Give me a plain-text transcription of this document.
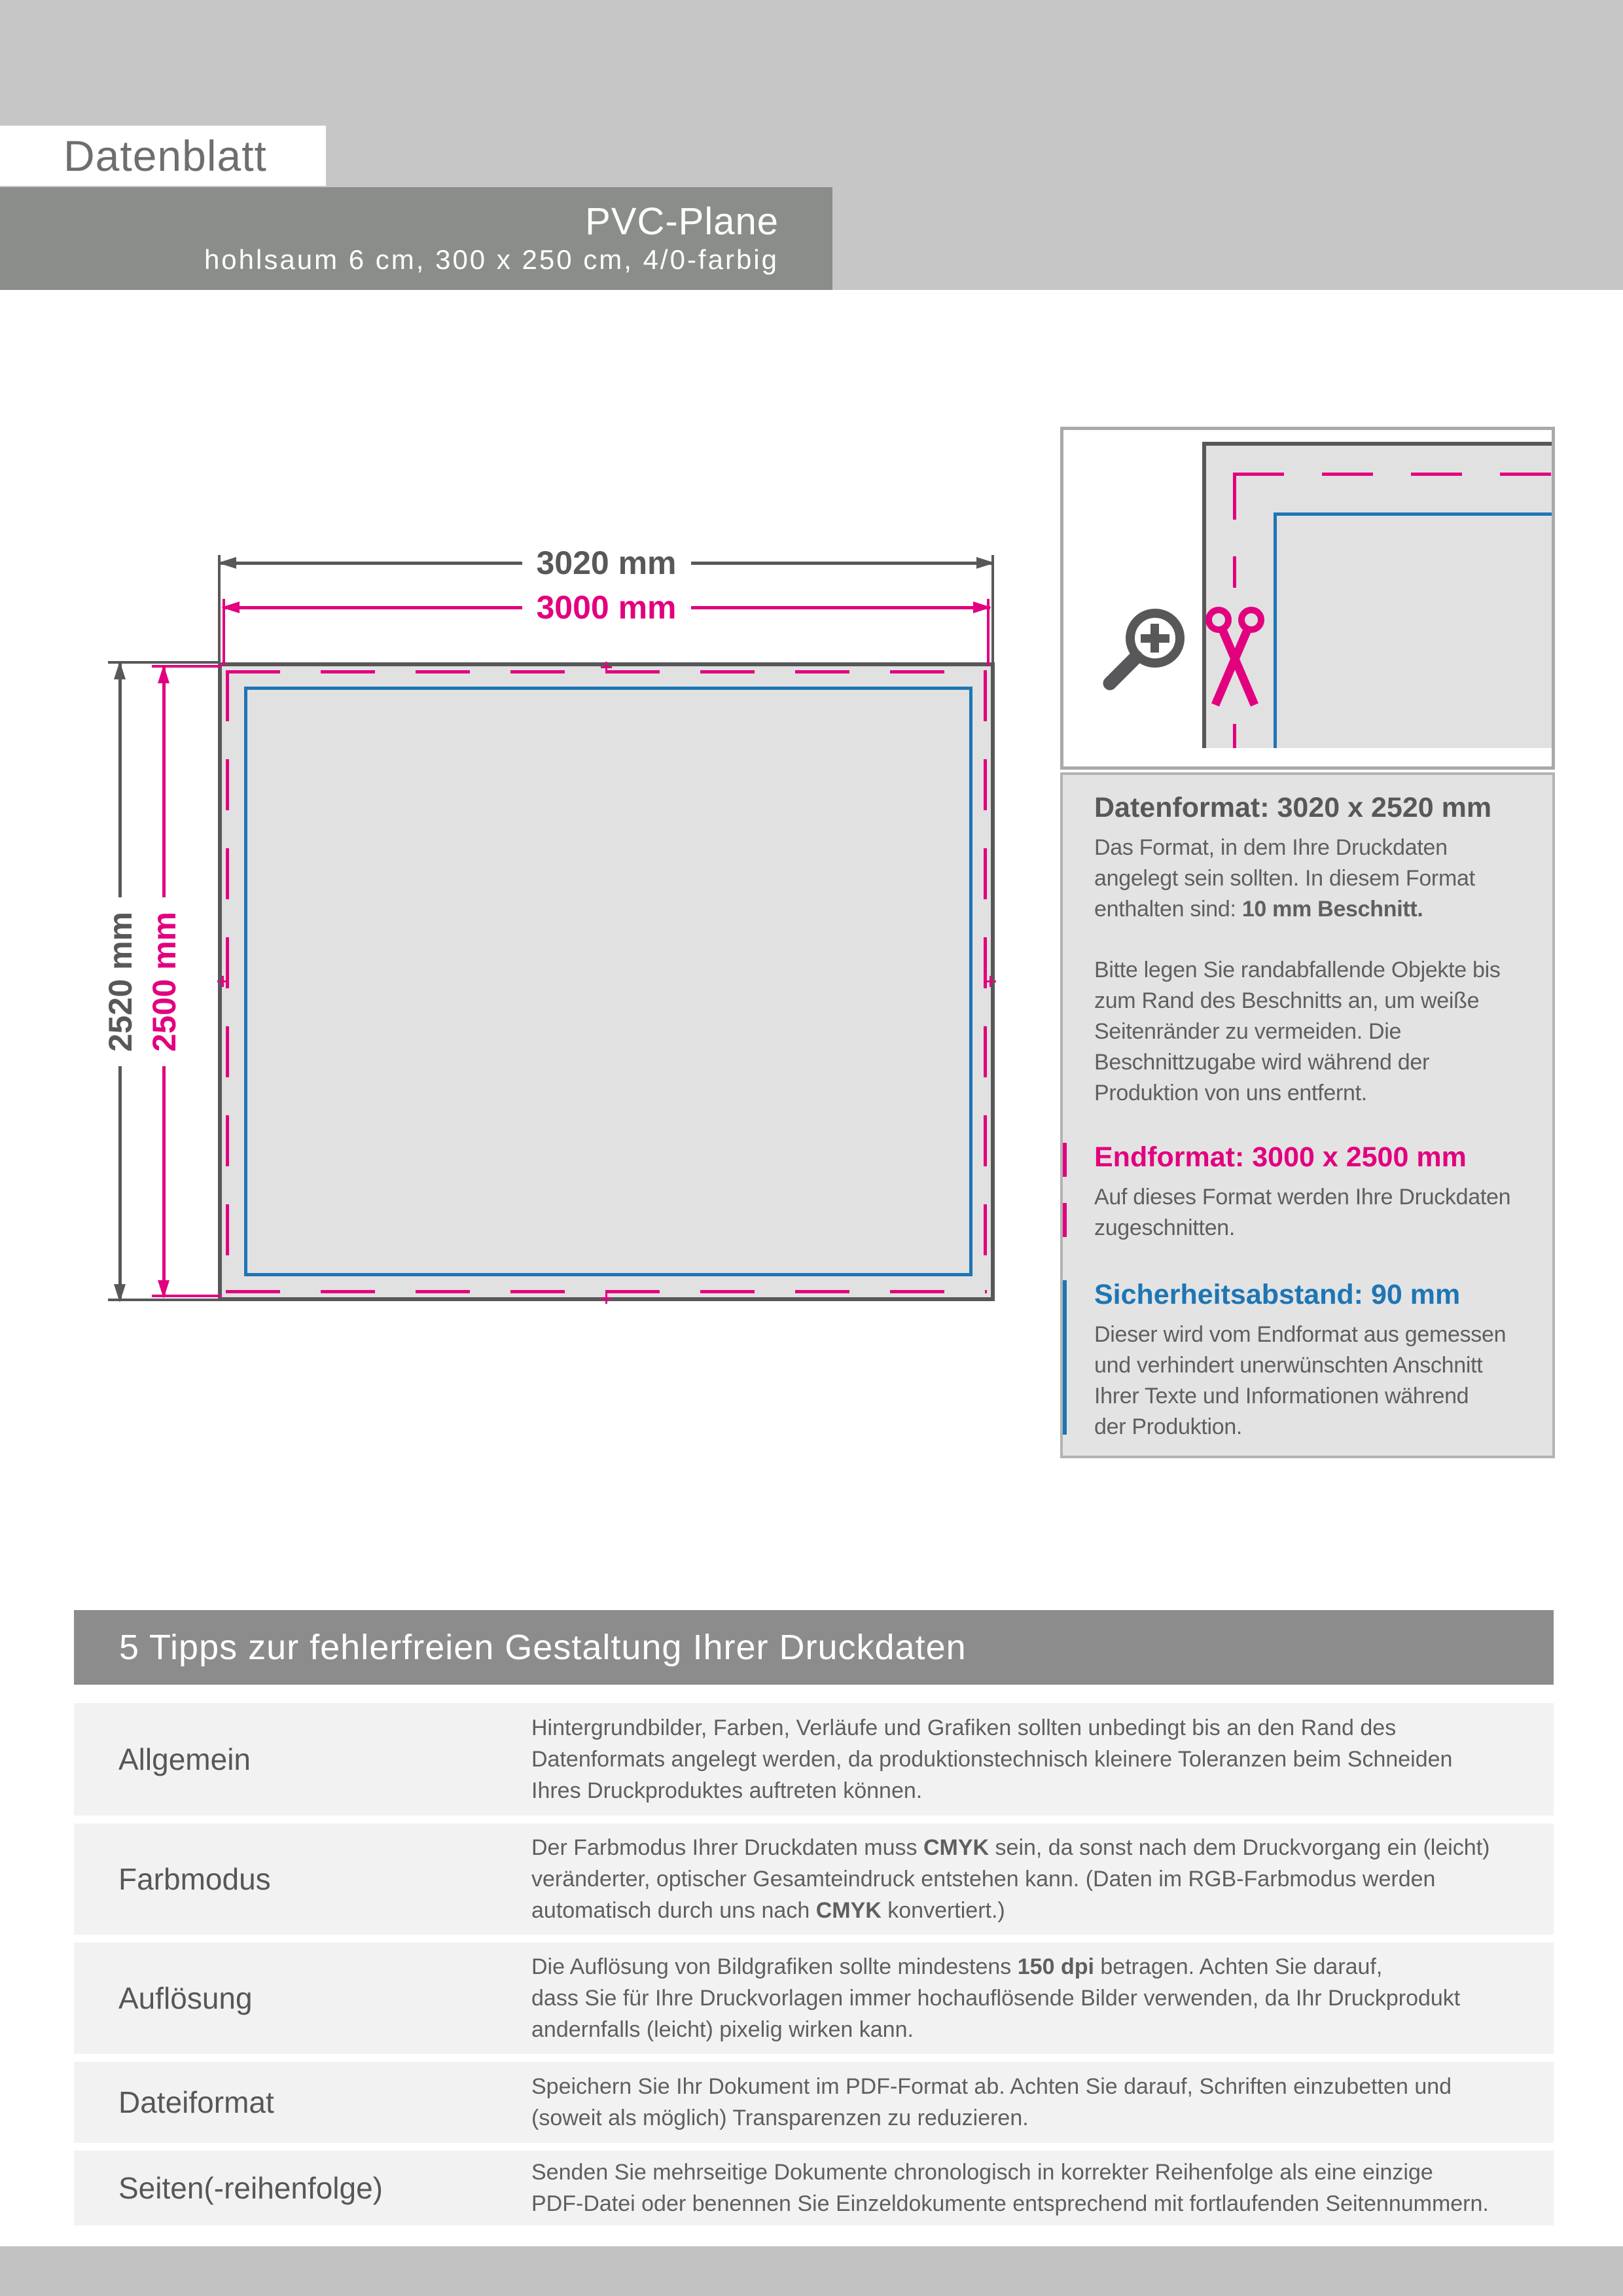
Datenblatt
PVC-Plane
hohlsaum 6 cm, 300 x 250 cm, 4/0-farbig
3020 mm
3000 mm
2520 mm 2500 mm
Datenformat: 3020 x 2520 mm
Das Format, in dem Ihre Druckdaten
angelegt sein sollten. In diesem Format
enthalten sind: 10 mm Beschnitt.
Bitte legen Sie randabfallende Objekte bis
zum Rand des Beschnitts an, um weiße
Seitenränder zu vermeiden. Die
Beschnittzugabe wird während der
Produktion von uns entfernt.
Endformat: 3000 x 2500 mm
Auf dieses Format werden Ihre Druckdaten
zugeschnitten.
Sicherheitsabstand: 90 mm
Dieser wird vom Endformat aus gemessen
und verhindert unerwünschten Anschnitt
Ihrer Texte und Informationen während
der Produktion.
5 Tipps zur fehlerfreien Gestaltung Ihrer Druckdaten
Allgemein
Hintergrundbilder, Farben, Verläufe und Grafiken sollten unbedingt bis an den Rand des
Datenformats angelegt werden, da produktionstechnisch kleinere Toleranzen beim Schneiden
Ihres Druckproduktes auftreten können.
Farbmodus
Der Farbmodus Ihrer Druckdaten muss CMYK sein, da sonst nach dem Druckvorgang ein (leicht)
veränderter, optischer Gesamteindruck entstehen kann. (Daten im RGB-Farbmodus werden
automatisch durch uns nach CMYK konvertiert.)
Auflösung
Die Auflösung von Bildgrafiken sollte mindestens 150 dpi betragen. Achten Sie darauf,
dass Sie für Ihre Druckvorlagen immer hochauflösende Bilder verwenden, da Ihr Druckprodukt
andernfalls (leicht) pixelig wirken kann.
Dateiformat	Speichern Sie Ihr Dokument im PDF-Format ab. Achten Sie darauf, Schriften einzubetten und
(soweit als möglich) Transparenzen zu reduzieren.
Seiten(-reihenfolge)	Senden Sie mehrseitige Dokumente chronologisch in korrekter Reihenfolge als eine einzige
PDF-Datei oder benennen Sie Einzeldokumente entsprechend mit fortlaufenden Seitennummern.
